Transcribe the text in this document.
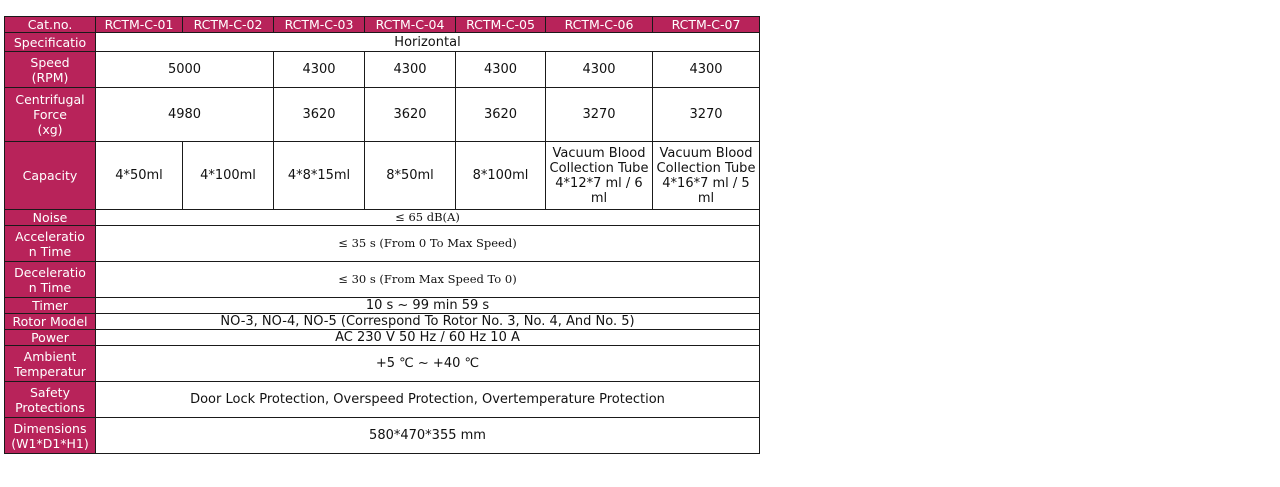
Cat.no.	RCTM-C-01	RCTM-C-02	RCTM-C-03	RCTM-C-04	RCTM-C-05	RCTM-C-06	RCTM-C-07
Specificatio	Horizontal						
Speed
(RPM)	5000		4300	4300	4300	4300	4300
Centrifugal
Force
(xg)	4980		3620	3620	3620	3270	3270
Capacity	4*50ml	4*100ml	4*8*15ml	8*50ml	8*100ml	Vacuum Blood Collection Tube 4*12*7 ml / 6 ml	Vacuum Blood Collection Tube 4*16*7 ml / 5 ml
Noise	≤ 65 dB(A)						
Acceleratio
n Time	≤ 35 s (From 0 To Max Speed)						
Deceleratio
n Time	≤ 30 s (From Max Speed To 0)						
Timer	10 s ~ 99 min 59 s						
Rotor Model	NO-3, NO-4, NO-5 (Correspond To Rotor No. 3, No. 4, And No. 5)						
Power	AC 230 V 50 Hz / 60 Hz 10 A						
Ambient
Temperatur	+5 ℃ ~ +40 ℃						
Safety
Protections	Door Lock Protection, Overspeed Protection, Overtemperature Protection						
Dimensions
(W1*D1*H1)	580*470*355 mm						
